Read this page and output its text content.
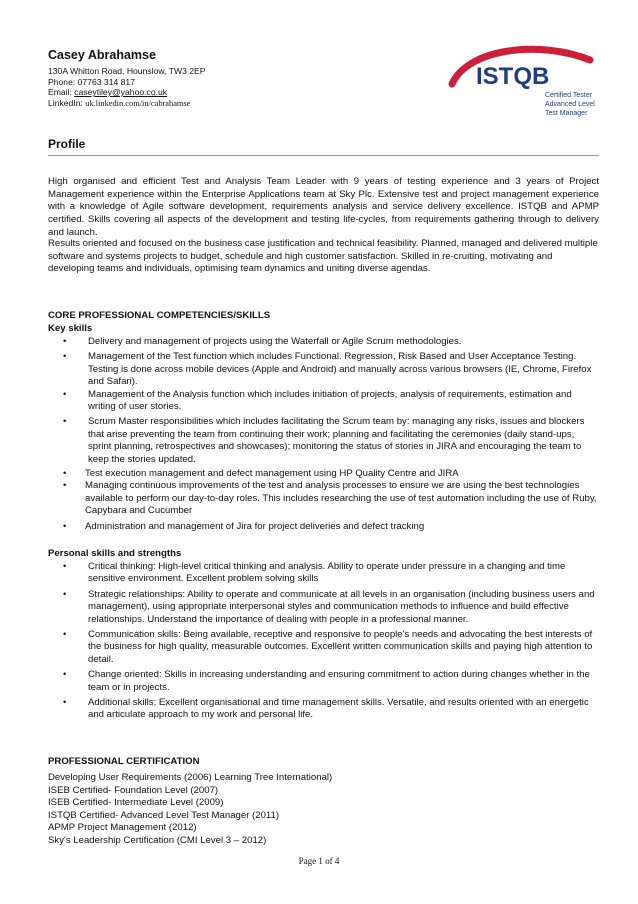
Casey Abrahamse
130A Whitton Road, Hounslow, TW3 2EP
Phone: 07763 314 817
Email: caseytiley@yahoo.co.uk
LinkedIn: uk.linkedin.com/in/cabrahamse
ISTQB
Certified Tester
Advanced Level
Test Manager
Profile
High organised and efficient Test and Analysis Team Leader with 9 years of testing experience and 3 years of Project Management experience within the Enterprise Applications team at Sky Plc. Extensive test and project management experience with a knowledge of Agile software development, requirements analysis and service delivery excellence. ISTQB and APMP certified. Skills covering all aspects of the development and testing life-cycles, from requirements gathering through to delivery and launch.
Results oriented and focused on the business case justification and technical feasibility. Planned, managed and delivered multiple software and systems projects to budget, schedule and high customer satisfaction. Skilled in re-cruiting, motivating and developing teams and individuals, optimising team dynamics and uniting diverse agendas.
CORE PROFESSIONAL COMPETENCIES/SKILLS
Key skills
• Delivery and management of projects using the Waterfall or Agile Scrum methodologies.
• Management of the Test function which includes Functional. Regression, Risk Based and User Acceptance Testing. Testing is done across mobile devices (Apple and Android) and manually across various browsers (IE, Chrome, Firefox and Safari).
• Management of the Analysis function which includes initiation of projects, analysis of requirements, estimation and writing of user stories.
• Scrum Master responsibilities which includes facilitating the Scrum team by: managing any risks, issues and blockers that arise preventing the team from continuing their work; planning and facilitating the ceremonies (daily stand-ups, sprint planning, retrospectives and showcases); monitoring the status of stories in JIRA and encouraging the team to keep the stories updated.
• Test execution management and defect management using HP Quality Centre and JIRA
• Managing continuous improvements of the test and analysis processes to ensure we are using the best technologies available to perform our day-to-day roles. This includes researching the use of test automation including the use of Ruby, Capybara and Cucumber
• Administration and management of Jira for project deliveries and defect tracking
Personal skills and strengths
• Critical thinking: High-level critical thinking and analysis. Ability to operate under pressure in a changing and time sensitive environment. Excellent problem solving skills
• Strategic relationships: Ability to operate and communicate at all levels in an organisation (including business users and management), using appropriate interpersonal styles and communication methods to influence and build effective relationships. Understand the importance of dealing with people in a professional manner.
• Communication skills: Being available, receptive and responsive to people's needs and advocating the best interests of the business for high quality, measurable outcomes. Excellent written communication skills and paying high attention to detail.
• Change oriented: Skills in increasing understanding and ensuring commitment to action during changes whether in the team or in projects.
• Additional skills: Excellent organisational and time management skills. Versatile, and results oriented with an energetic and articulate approach to my work and personal life.
PROFESSIONAL CERTIFICATION
Developing User Requirements (2006) Learning Tree International)
ISEB Certified- Foundation Level (2007)
ISEB Certified- Intermediate Level (2009)
ISTQB Certified- Advanced Level Test Manager (2011)
APMP Project Management (2012)
Sky's Leadership Certification (CMI Level 3 – 2012)
Page 1 of 4
